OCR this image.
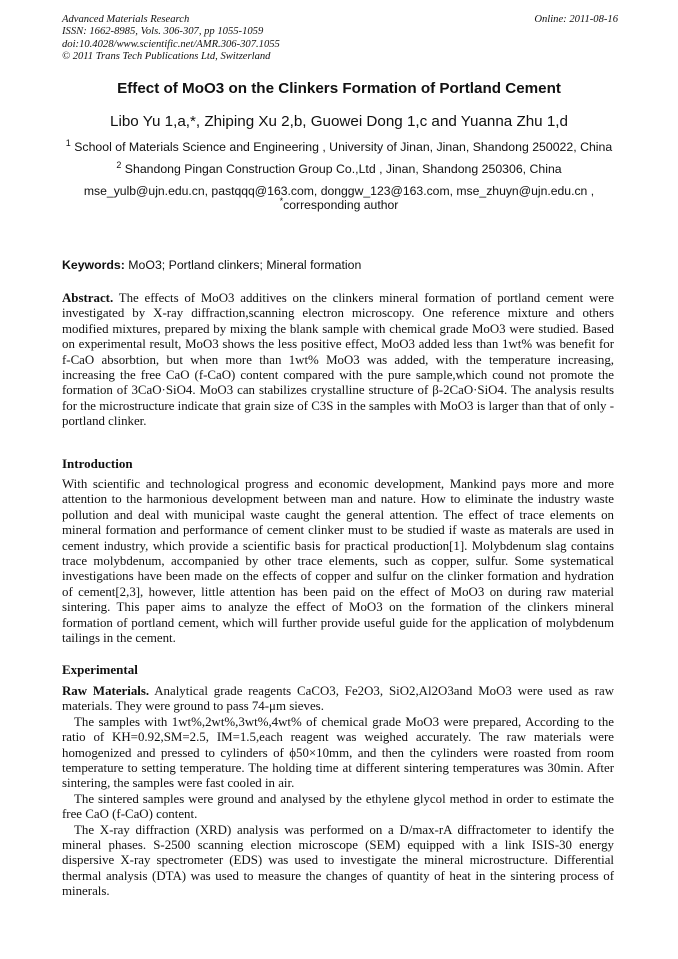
Advanced Materials Research
ISSN: 1662-8985, Vols. 306-307, pp 1055-1059
doi:10.4028/www.scientific.net/AMR.306-307.1055
© 2011 Trans Tech Publications Ltd, Switzerland
Online: 2011-08-16
Effect of MoO3 on the Clinkers Formation of Portland Cement
Libo Yu 1,a,*, Zhiping Xu 2,b, Guowei Dong 1,c and Yuanna Zhu 1,d
$^1$ School of Materials Science and Engineering , University of Jinan, Jinan, Shandong 250022, China
$^2$ Shandong Pingan Construction Group Co.,Ltd , Jinan, Shandong 250306, China
mse_yulb@ujn.edu.cn, pastqqq@163.com, donggw_123@163.com, mse_zhuyn@ujn.edu.cn ,
*corresponding author
Keywords: MoO3; Portland clinkers; Mineral formation
Abstract. The effects of MoO3 additives on the clinkers mineral formation of portland cement were investigated by X-ray diffraction,scanning electron microscopy. One reference mixture and others modified mixtures, prepared by mixing the blank sample with chemical grade MoO3 were studied. Based on experimental result, MoO3 shows the less positive effect, MoO3 added less than 1wt% was benefit for f-CaO absorbtion, but when more than 1wt% MoO3 was added, with the temperature increasing, increasing the free CaO (f-CaO) content compared with the pure sample,which cound not promote the formation of 3CaO·SiO4. MoO3 can stabilizes crystalline structure of β-2CaO·SiO4. The analysis results for the microstructure indicate that grain size of C3S in the samples with MoO3 is larger than that of only -portland clinker.
Introduction
With scientific and technological progress and economic development, Mankind pays more and more attention to the harmonious development between man and nature. How to eliminate the industry waste pollution and deal with municipal waste caught the general attention. The effect of trace elements on mineral formation and performance of cement clinker must to be studied if waste as materals are used in cement industry, which provide a scientific basis for practical production[1]. Molybdenum slag contains trace molybdenum, accompanied by other trace elements, such as copper, sulfur. Some systematical investigations have been made on the effects of copper and sulfur on the clinker formation and hydration of cement[2,3], however, little attention has been paid on the effect of MoO3 on during raw material sintering. This paper aims to analyze the effect of MoO3 on the formation of the clinkers mineral formation of portland cement, which will further provide useful guide for the application of molybdenum tailings in the cement.
Experimental

Raw Materials. Analytical grade reagents CaCO3, Fe2O3, SiO2,Al2O3and MoO3 were used as raw materials. They were ground to pass 74-μm sieves.

The samples with 1wt%,2wt%,3wt%,4wt% of chemical grade MoO3 were prepared, According to the ratio of KH=0.92,SM=2.5, IM=1.5,each reagent was weighed accurately. The raw materials were homogenized and pressed to cylinders of ϕ50×10mm, and then the cylinders were roasted from room temperature to setting temperature. The holding time at different sintering temperatures was 30min. After sintering, the samples were fast cooled in air.

The sintered samples were ground and analysed by the ethylene glycol method in order to estimate the free CaO (f-CaO) content.

The X-ray diffraction (XRD) analysis was performed on a D/max-rA diffractometer to identify the mineral phases. S-2500 scanning election microscope (SEM) equipped with a link ISIS-30 energy dispersive X-ray spectrometer (EDS) was used to investigate the mineral microstructure. Differential thermal analysis (DTA) was used to measure the changes of quantity of heat in the sintering process of minerals.
